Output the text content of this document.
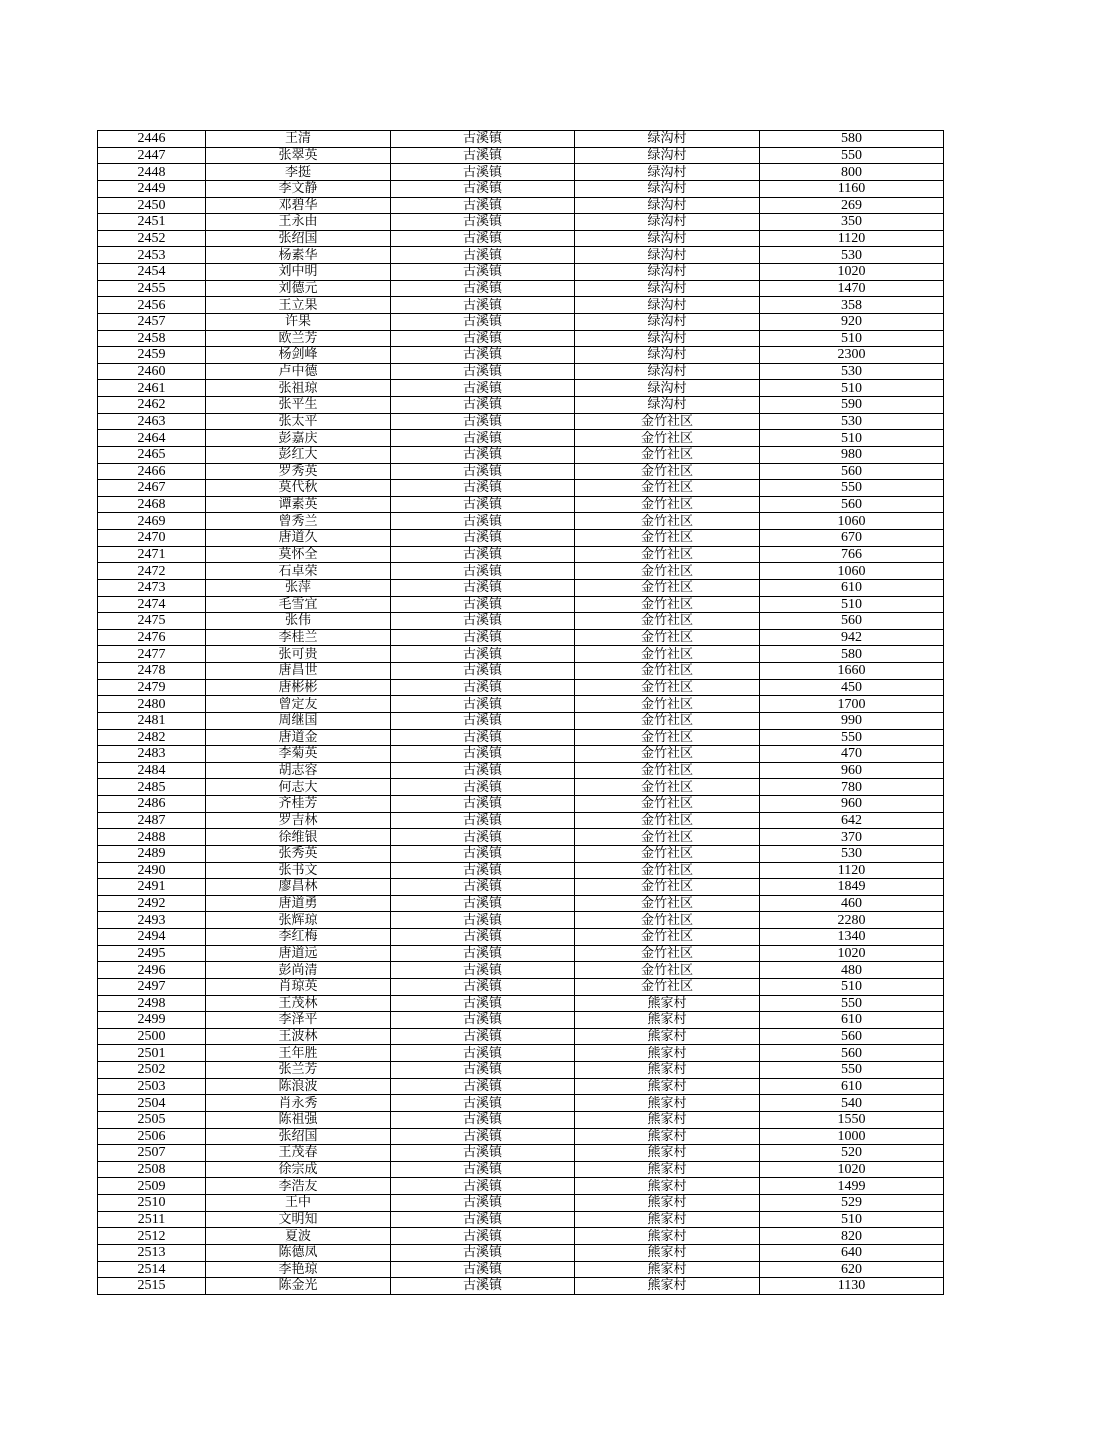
2446	王清	古溪镇	绿沟村	580
2447	张翠英	古溪镇	绿沟村	550
2448	李挺	古溪镇	绿沟村	800
2449	李文静	古溪镇	绿沟村	1160
2450	邓碧华	古溪镇	绿沟村	269
2451	王永由	古溪镇	绿沟村	350
2452	张绍国	古溪镇	绿沟村	1120
2453	杨素华	古溪镇	绿沟村	530
2454	刘中明	古溪镇	绿沟村	1020
2455	刘德元	古溪镇	绿沟村	1470
2456	王立果	古溪镇	绿沟村	358
2457	许果	古溪镇	绿沟村	920
2458	欧兰芳	古溪镇	绿沟村	510
2459	杨剑峰	古溪镇	绿沟村	2300
2460	卢中德	古溪镇	绿沟村	530
2461	张祖琼	古溪镇	绿沟村	510
2462	张平生	古溪镇	绿沟村	590
2463	张太平	古溪镇	金竹社区	530
2464	彭嘉庆	古溪镇	金竹社区	510
2465	彭红大	古溪镇	金竹社区	980
2466	罗秀英	古溪镇	金竹社区	560
2467	莫代秋	古溪镇	金竹社区	550
2468	谭素英	古溪镇	金竹社区	560
2469	曾秀兰	古溪镇	金竹社区	1060
2470	唐道久	古溪镇	金竹社区	670
2471	莫怀全	古溪镇	金竹社区	766
2472	石卓荣	古溪镇	金竹社区	1060
2473	张萍	古溪镇	金竹社区	610
2474	毛雪宜	古溪镇	金竹社区	510
2475	张伟	古溪镇	金竹社区	560
2476	李桂兰	古溪镇	金竹社区	942
2477	张可贵	古溪镇	金竹社区	580
2478	唐昌世	古溪镇	金竹社区	1660
2479	唐彬彬	古溪镇	金竹社区	450
2480	曾定友	古溪镇	金竹社区	1700
2481	周继国	古溪镇	金竹社区	990
2482	唐道金	古溪镇	金竹社区	550
2483	李菊英	古溪镇	金竹社区	470
2484	胡志容	古溪镇	金竹社区	960
2485	何志大	古溪镇	金竹社区	780
2486	齐桂芳	古溪镇	金竹社区	960
2487	罗吉林	古溪镇	金竹社区	642
2488	徐维银	古溪镇	金竹社区	370
2489	张秀英	古溪镇	金竹社区	530
2490	张书文	古溪镇	金竹社区	1120
2491	廖昌林	古溪镇	金竹社区	1849
2492	唐道勇	古溪镇	金竹社区	460
2493	张辉琼	古溪镇	金竹社区	2280
2494	李红梅	古溪镇	金竹社区	1340
2495	唐道远	古溪镇	金竹社区	1020
2496	彭尚清	古溪镇	金竹社区	480
2497	肖琼英	古溪镇	金竹社区	510
2498	王茂林	古溪镇	熊家村	550
2499	李泽平	古溪镇	熊家村	610
2500	王波林	古溪镇	熊家村	560
2501	王年胜	古溪镇	熊家村	560
2502	张兰芳	古溪镇	熊家村	550
2503	陈浪波	古溪镇	熊家村	610
2504	肖永秀	古溪镇	熊家村	540
2505	陈祖强	古溪镇	熊家村	1550
2506	张绍国	古溪镇	熊家村	1000
2507	王茂春	古溪镇	熊家村	520
2508	徐宗成	古溪镇	熊家村	1020
2509	李浩友	古溪镇	熊家村	1499
2510	王中	古溪镇	熊家村	529
2511	文明知	古溪镇	熊家村	510
2512	夏波	古溪镇	熊家村	820
2513	陈德凤	古溪镇	熊家村	640
2514	李艳琼	古溪镇	熊家村	620
2515	陈金光	古溪镇	熊家村	1130
